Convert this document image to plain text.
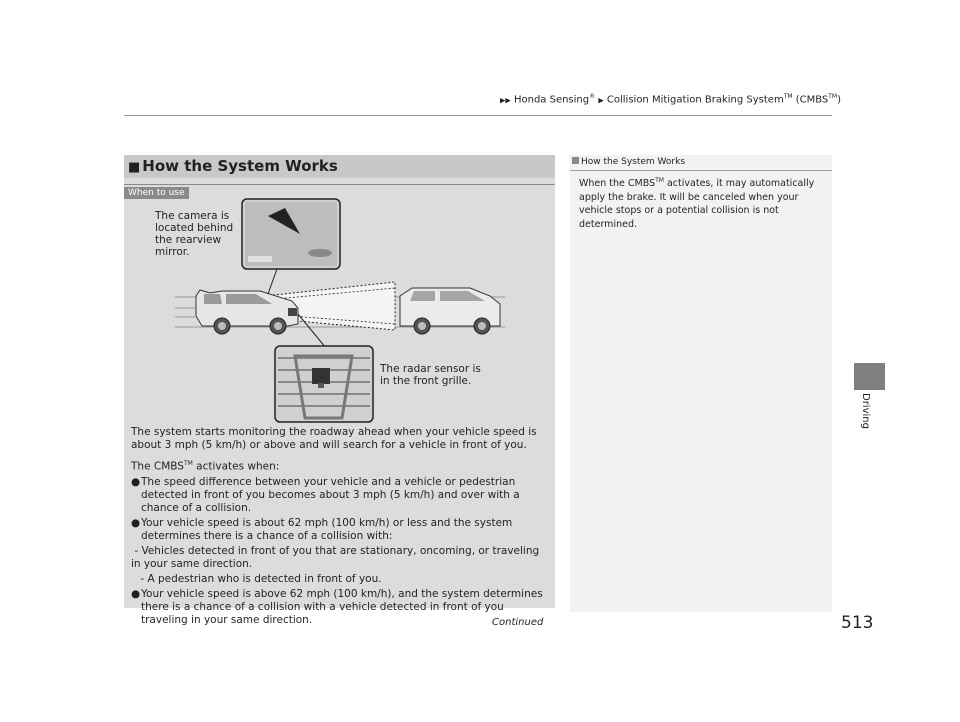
▶▶ Honda Sensing® ▶ Collision Mitigation Braking System™ (CMBS™)
Driving
■ How the System Works
When to use
The camera is
located behind
the rearview
mirror.
The radar sensor is
in the front grille.

The system starts monitoring the roadway ahead when your vehicle speed is about 3 mph (5 km/h) or above and will search for a vehicle in front of you.

The CMBS™ activates when:

● The speed difference between your vehicle and a vehicle or pedestrian detected in front of you becomes about 3 mph (5 km/h) and over with a chance of a collision.
● Your vehicle speed is about 62 mph (100 km/h) or less and the system determines there is a chance of a collision with:
- Vehicles detected in front of you that are stationary, oncoming, or traveling in your same direction.
- A pedestrian who is detected in front of you.
● Your vehicle speed is above 62 mph (100 km/h), and the system determines there is a chance of a collision with a vehicle detected in front of you traveling in your same direction.
How the System Works
When the CMBS™ activates, it may automatically apply the brake. It will be canceled when your vehicle stops or a potential collision is not determined.
Continued	513
